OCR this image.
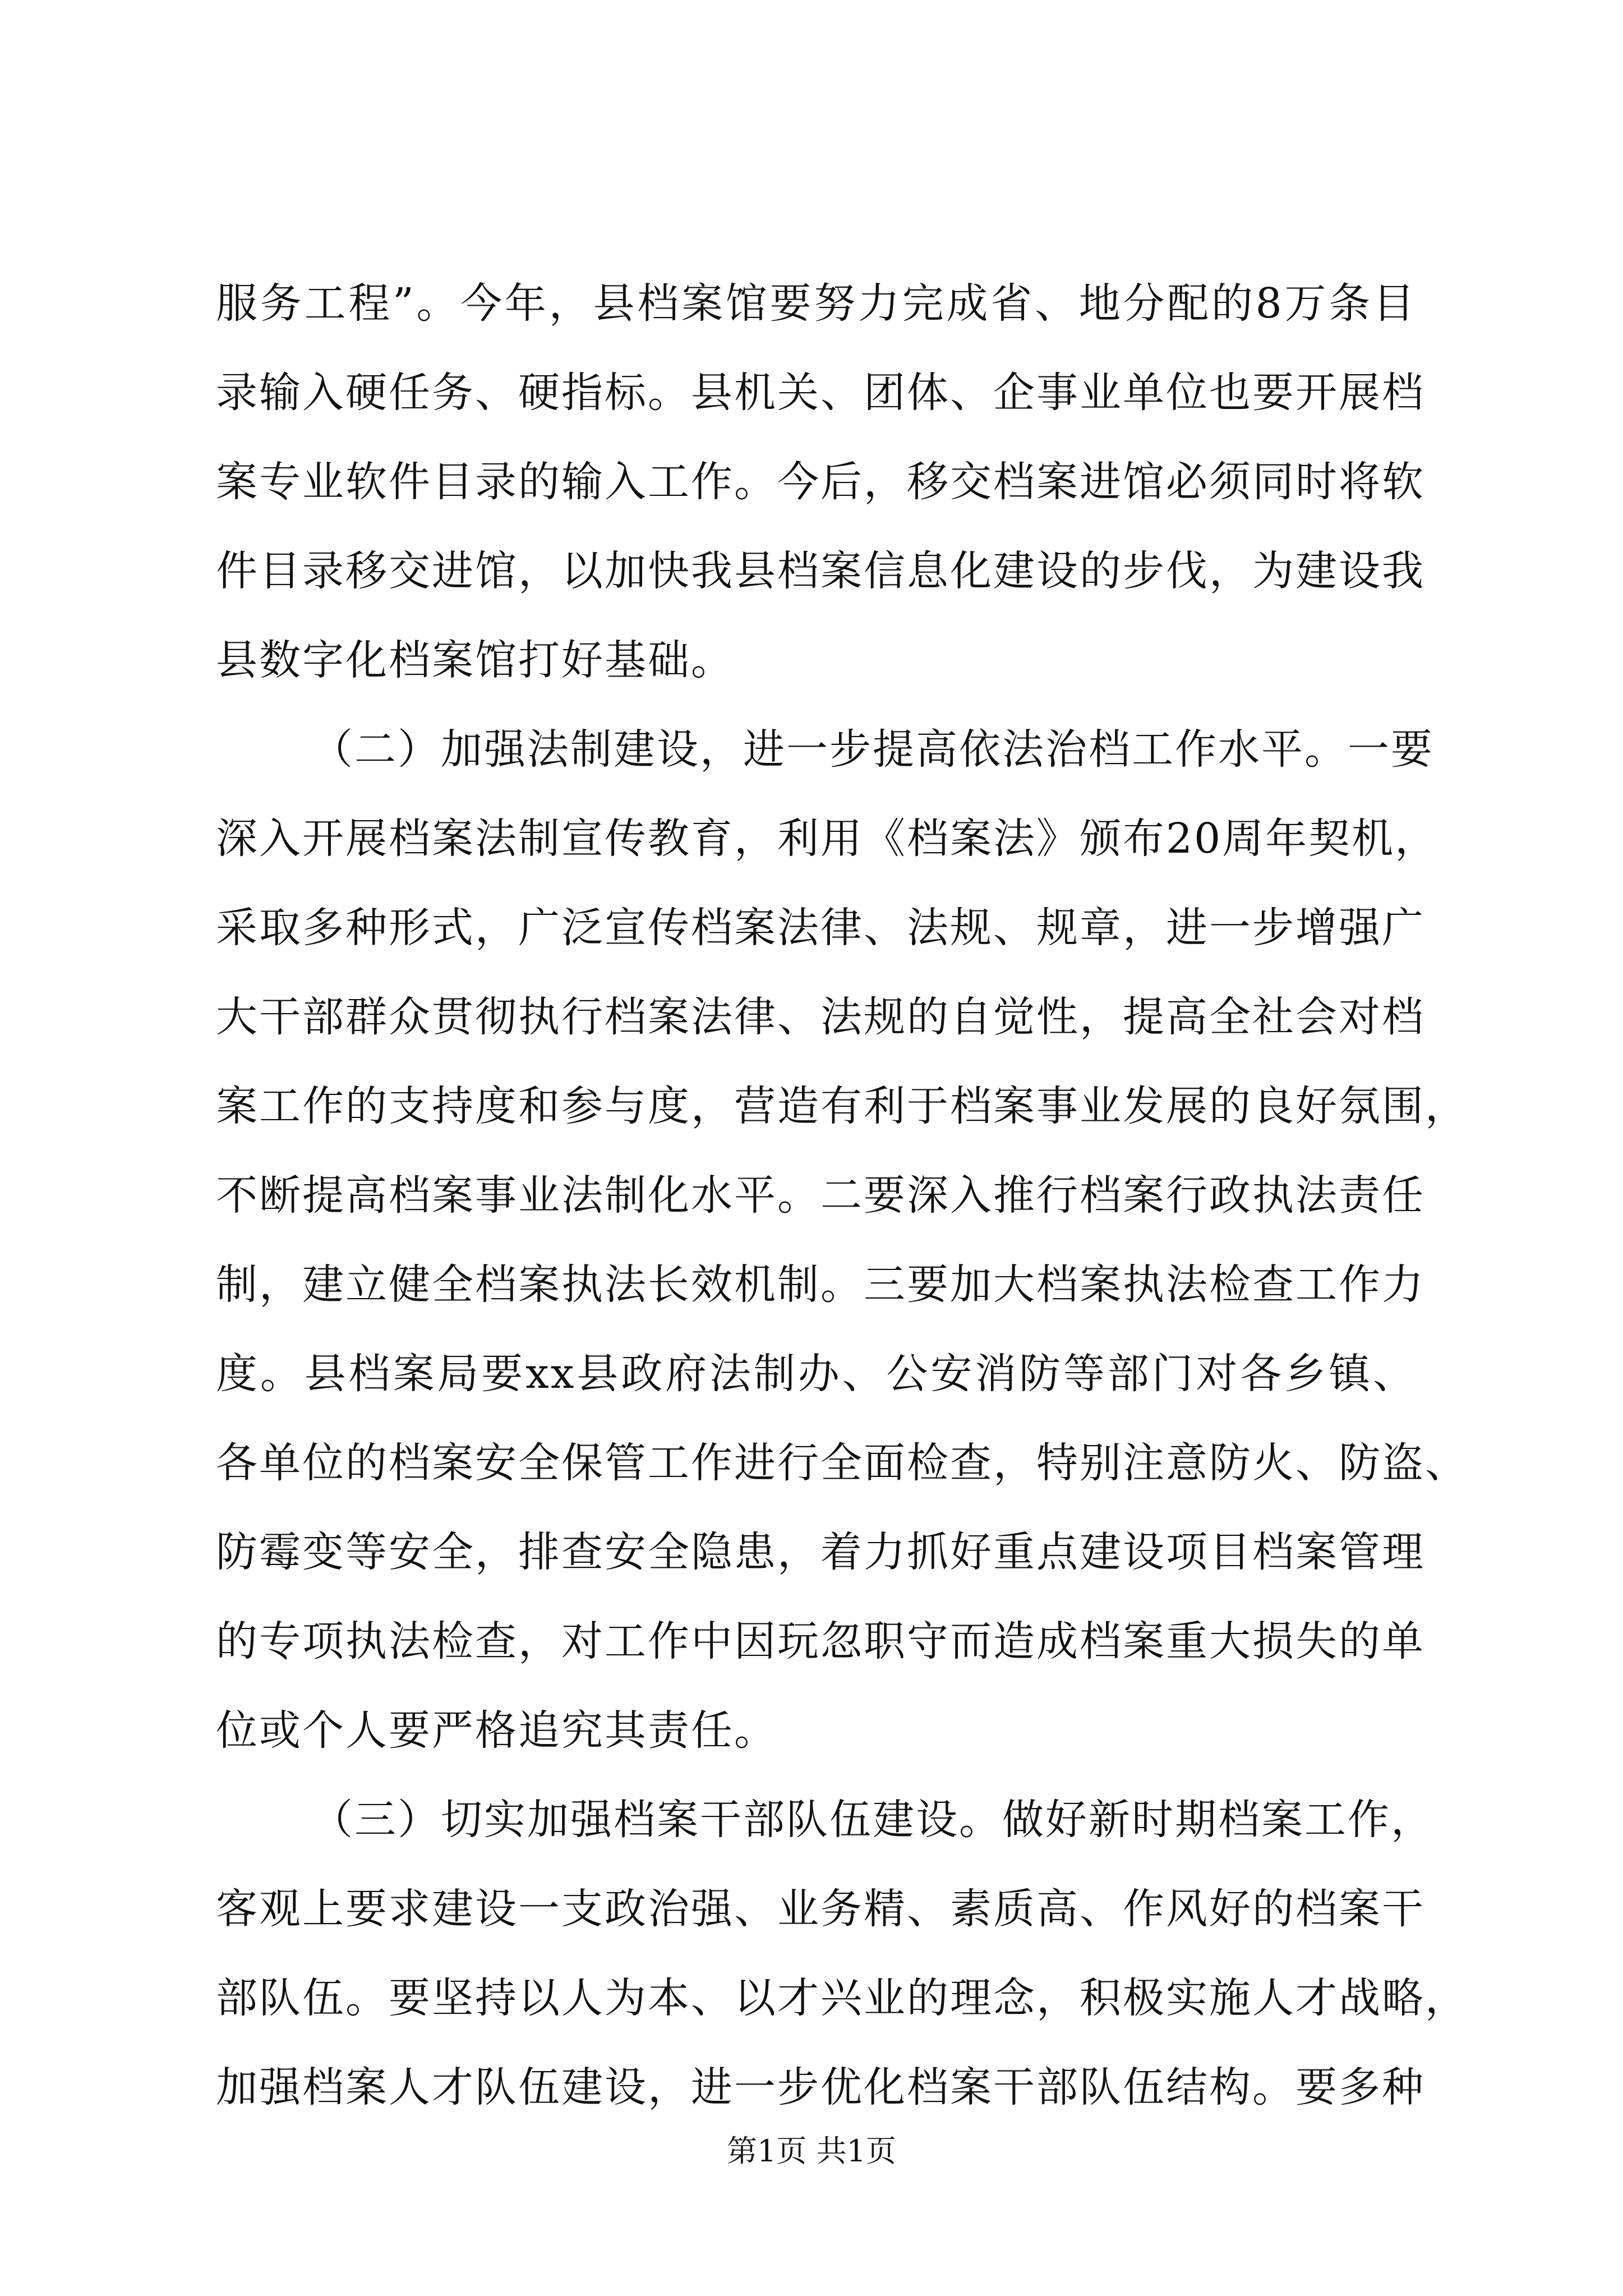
服务工程”。今年，县档案馆要努力完成省、地分配的8万条目
录输入硬任务、硬指标。县机关、团体、企事业单位也要开展档
案专业软件目录的输入工作。今后，移交档案进馆必须同时将软
件目录移交进馆，以加快我县档案信息化建设的步伐，为建设我
县数字化档案馆打好基础。
（二）加强法制建设，进一步提高依法治档工作水平。一要
深入开展档案法制宣传教育，利用《档案法》颁布20周年契机，
采取多种形式，广泛宣传档案法律、法规、规章，进一步增强广
大干部群众贯彻执行档案法律、法规的自觉性，提高全社会对档
案工作的支持度和参与度，营造有利于档案事业发展的良好氛围，
不断提高档案事业法制化水平。二要深入推行档案行政执法责任
制，建立健全档案执法长效机制。三要加大档案执法检查工作力
度。县档案局要xx县政府法制办、公安消防等部门对各乡镇、
各单位的档案安全保管工作进行全面检查，特别注意防火、防盗、
防霉变等安全，排查安全隐患，着力抓好重点建设项目档案管理
的专项执法检查，对工作中因玩忽职守而造成档案重大损失的单
位或个人要严格追究其责任。
（三）切实加强档案干部队伍建设。做好新时期档案工作，
客观上要求建设一支政治强、业务精、素质高、作风好的档案干
部队伍。要坚持以人为本、以才兴业的理念，积极实施人才战略，
加强档案人才队伍建设，进一步优化档案干部队伍结构。要多种
第1页 共1页
